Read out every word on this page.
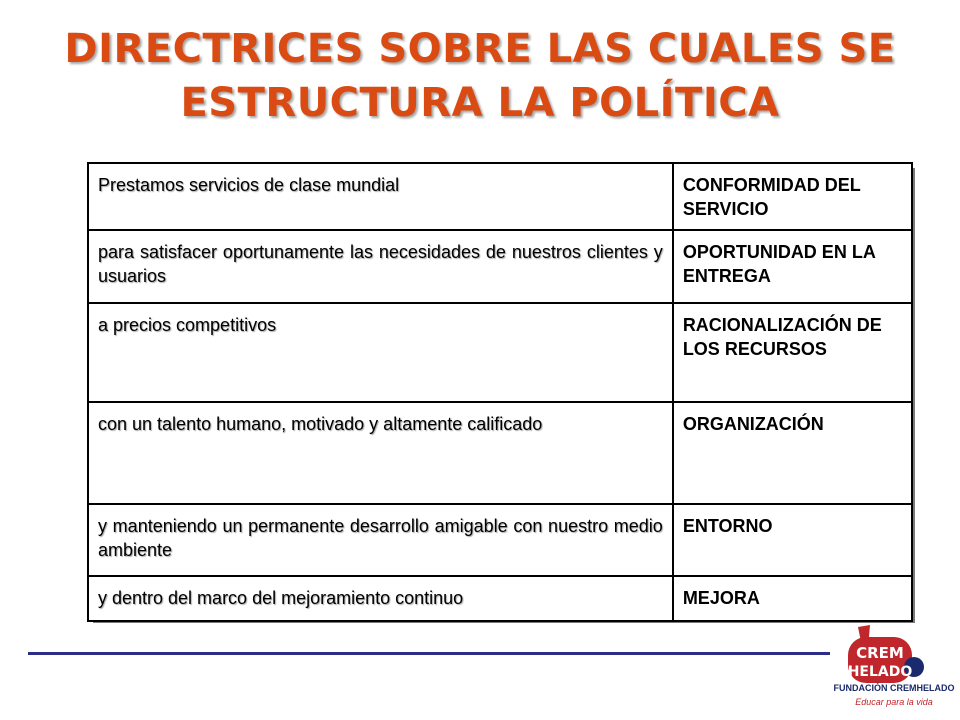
DIRECTRICES SOBRE LAS CUALES SE
ESTRUCTURA LA POLÍTICA
Prestamos servicios de clase mundial	CONFORMIDAD DEL SERVICIO
para satisfacer oportunamente las necesidades de nuestros clientes y usuarios	OPORTUNIDAD EN LA ENTREGA
a precios competitivos	RACIONALIZACIÓN DE LOS RECURSOS
con un talento humano, motivado y altamente calificado	ORGANIZACIÓN
y manteniendo un permanente desarrollo amigable con nuestro medio ambiente	ENTORNO
y dentro del marco del mejoramiento continuo	MEJORA
CREM
HELADO
FUNDACIÓN CREMHELADO
Educar para la vida
